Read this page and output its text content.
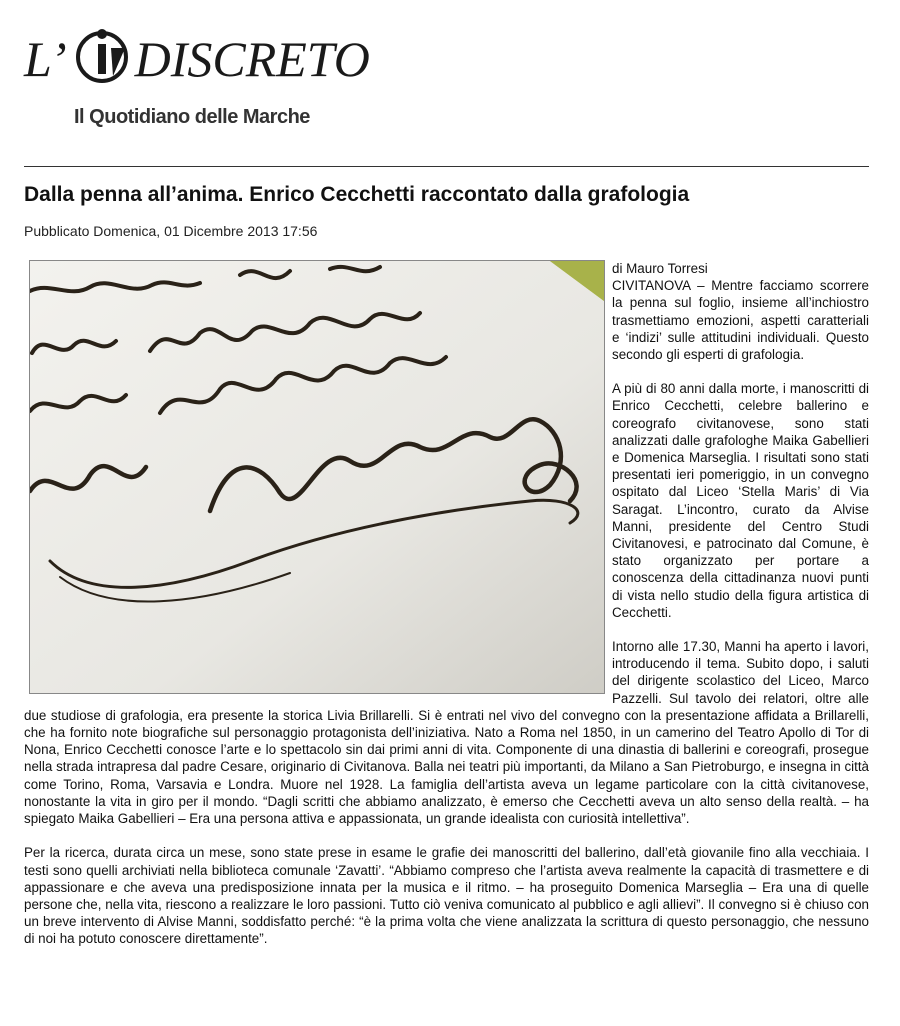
L’ DISCRETO
Il Quotidiano delle Marche
Dalla penna all’anima. Enrico Cecchetti raccontato dalla grafologia
Pubblicato Domenica, 01 Dicembre 2013 17:56
di Mauro Torresi

CIVITANOVA – Mentre facciamo scorrere la penna sul foglio, insieme all’inchiostro trasmettiamo emozioni, aspetti caratteriali e ‘indizi’ sulle attitudini individuali. Questo secondo gli esperti di grafologia.

A più di 80 anni dalla morte, i manoscritti di Enrico Cecchetti, celebre ballerino e coreografo civitanovese, sono stati analizzati dalle grafologhe Maika Gabellieri e Domenica Marseglia. I risultati sono stati presentati ieri pomeriggio, in un convegno ospitato dal Liceo ‘Stella Maris’ di Via Saragat. L’incontro, curato da Alvise Manni, presidente del Centro Studi Civitanovesi, e patrocinato dal Comune, è stato organizzato per portare a conoscenza della cittadinanza nuovi punti di vista nello studio della figura artistica di Cecchetti.

Intorno alle 17.30, Manni ha aperto i lavori, introducendo il tema. Subito dopo, i saluti del dirigente scolastico del Liceo, Marco Pazzelli. Sul tavolo dei relatori, oltre alle due studiose di grafologia, era presente la storica Livia Brillarelli. Si è entrati nel vivo del convegno con la presentazione affidata a Brillarelli, che ha fornito note biografiche sul personaggio protagonista dell’iniziativa. Nato a Roma nel 1850, in un camerino del Teatro Apollo di Tor di Nona, Enrico Cecchetti conosce l’arte e lo spettacolo sin dai primi anni di vita. Componente di una dinastia di ballerini e coreografi, prosegue nella strada intrapresa dal padre Cesare, originario di Civitanova. Balla nei teatri più importanti, da Milano a San Pietroburgo, e insegna in città come Torino, Roma, Varsavia e Londra. Muore nel 1928. La famiglia dell’artista aveva un legame particolare con la città civitanovese, nonostante la vita in giro per il mondo. “Dagli scritti che abbiamo analizzato, è emerso che Cecchetti aveva un alto senso della realtà. – ha spiegato Maika Gabellieri – Era una persona attiva e appassionata, un grande idealista con curiosità intellettiva”.

Per la ricerca, durata circa un mese, sono state prese in esame le grafie dei manoscritti del ballerino, dall’età giovanile fino alla vecchiaia. I testi sono quelli archiviati nella biblioteca comunale ‘Zavatti’. “Abbiamo compreso che l’artista aveva realmente la capacità di trasmettere e di appassionare e che aveva una predisposizione innata per la musica e il ritmo. – ha proseguito Domenica Marseglia – Era una di quelle persone che, nella vita, riescono a realizzare le loro passioni. Tutto ciò veniva comunicato al pubblico e agli allievi”. Il convegno si è chiuso con un breve intervento di Alvise Manni, soddisfatto perché: “è la prima volta che viene analizzata la scrittura di questo personaggio, che nessuno di noi ha potuto conoscere direttamente”.
